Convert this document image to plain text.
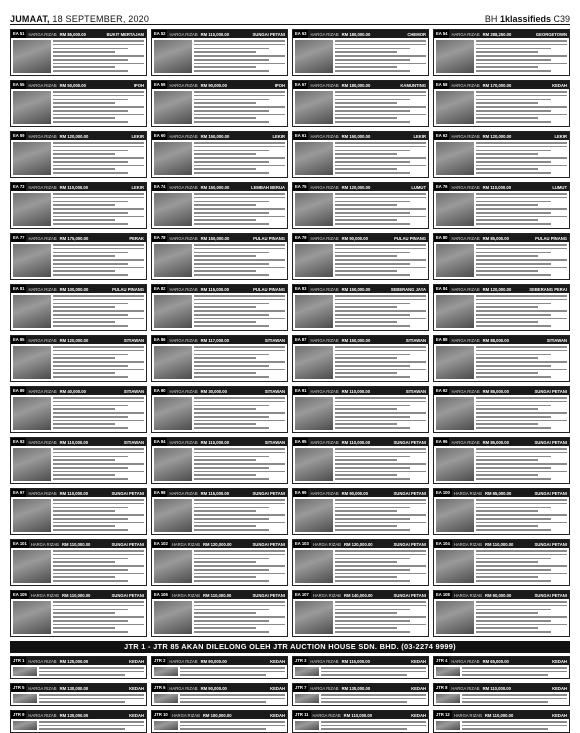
JUMAAT, 18 SEPTEMBER, 2020	BH 1klassifieds C39
EA 51 HARGA RIZAB RM 85,000.00	BUKIT MERTAJAM	EA 52 HARGA RIZAB RM 110,000.00	SUNGAI PETANI	EA 53 HARGA RIZAB RM 180,000.00	CHEMOR	EA 54 HARGA RIZAB RM 288,250.00	GEORGETOWN
EA 55 HARGA RIZAB RM 50,000.00	IPOH	EA 56 HARGA RIZAB RM 90,000.00	IPOH	EA 57 HARGA RIZAB RM 180,000.00	KAMUNTING	EA 58 HARGA RIZAB RM 170,000.00	KEDAH
EA 59 HARGA RIZAB RM 120,000.00	LEKIR	EA 60 HARGA RIZAB RM 150,000.00	LEKIR	EA 61 HARGA RIZAB RM 150,000.00	LEKIR	EA 62 HARGA RIZAB RM 120,000.00	LEKIR
EA 73 HARGA RIZAB RM 110,000.00	LEKIR	EA 74 HARGA RIZAB RM 150,000.00	LEMBAH BERUA	EA 75 HARGA RIZAB RM 120,000.00	LUMUT	EA 76 HARGA RIZAB RM 110,000.00	LUMUT
EA 77 HARGA RIZAB RM 175,000.00	PERAK	EA 78 HARGA RIZAB RM 150,000.00	PULAU PINANG	EA 79 HARGA RIZAB RM 90,000.00	PULAU PINANG	EA 80 HARGA RIZAB RM 85,000.00	PULAU PINANG
EA 81 HARGA RIZAB RM 100,000.00	PULAU PINANG	EA 82 HARGA RIZAB RM 115,000.00	PULAU PINANG	EA 83 HARGA RIZAB RM 150,000.00	SEBERANG JAYA	EA 84 HARGA RIZAB RM 120,000.00	SEBERANG PERAI
EA 85 HARGA RIZAB RM 120,000.00	SITIAWAN	EA 86 HARGA RIZAB RM 117,000.00	SITIAWAN	EA 87 HARGA RIZAB RM 150,000.00	SITIAWAN	EA 88 HARGA RIZAB RM 88,000.00	SITIAWAN
EA 89 HARGA RIZAB RM 40,000.00	SITIAWAN	EA 90 HARGA RIZAB RM 30,000.00	SITIAWAN	EA 91 HARGA RIZAB RM 110,000.00	SITIAWAN	EA 92 HARGA RIZAB RM 85,000.00	SUNGAI PETANI
EA 93 HARGA RIZAB RM 110,000.00	SITIAWAN	EA 94 HARGA RIZAB RM 110,000.00	SITIAWAN	EA 95 HARGA RIZAB RM 110,000.00	SUNGAI PETANI	EA 96 HARGA RIZAB RM 85,000.00	SUNGAI PETANI
EA 97 HARGA RIZAB RM 110,000.00	SUNGAI PETANI	EA 98 HARGA RIZAB RM 115,000.00	SUNGAI PETANI	EA 99 HARGA RIZAB RM 90,000.00	SUNGAI PETANI	EA 100 HARGA RIZAB RM 85,000.00	SUNGAI PETANI
EA 101 HARGA RIZAB RM 110,000.00	SUNGAI PETANI	EA 102 HARGA RIZAB RM 120,000.00	SUNGAI PETANI	EA 103 HARGA RIZAB RM 120,000.00	SUNGAI PETANI	EA 104 HARGA RIZAB RM 110,000.00	SUNGAI PETANI
EA 105 HARGA RIZAB RM 110,000.00	SUNGAI PETANI	EA 106 HARGA RIZAB RM 110,000.00	SUNGAI PETANI	EA 107 HARGA RIZAB RM 140,000.00	SUNGAI PETANI	EA 108 HARGA RIZAB RM 90,000.00	SUNGAI PETANI
JTR 1 - JTR 85 AKAN DILELONG OLEH JTR AUCTION HOUSE SDN. BHD. (03-2274 9999)
JTR 1 HARGA RIZAB RM 125,000.00	KEDAH	JTR 2 HARGA RIZAB RM 90,000.00	KEDAH	JTR 3 HARGA RIZAB RM 115,000.00	KEDAH	JTR 4 HARGA RIZAB RM 65,000.00	KEDAH
JTR 5 HARGA RIZAB RM 130,000.00	KEDAH	JTR 6 HARGA RIZAB RM 90,000.00	KEDAH	JTR 7 HARGA RIZAB RM 130,000.00	KEDAH	JTR 8 HARGA RIZAB RM 110,000.00	KEDAH
JTR 9 HARGA RIZAB RM 130,000.00	KEDAH	JTR 10 HARGA RIZAB RM 100,000.00	KEDAH	JTR 11 HARGA RIZAB RM 110,000.00	KEDAH	JTR 12 HARGA RIZAB RM 110,000.00	KEDAH
